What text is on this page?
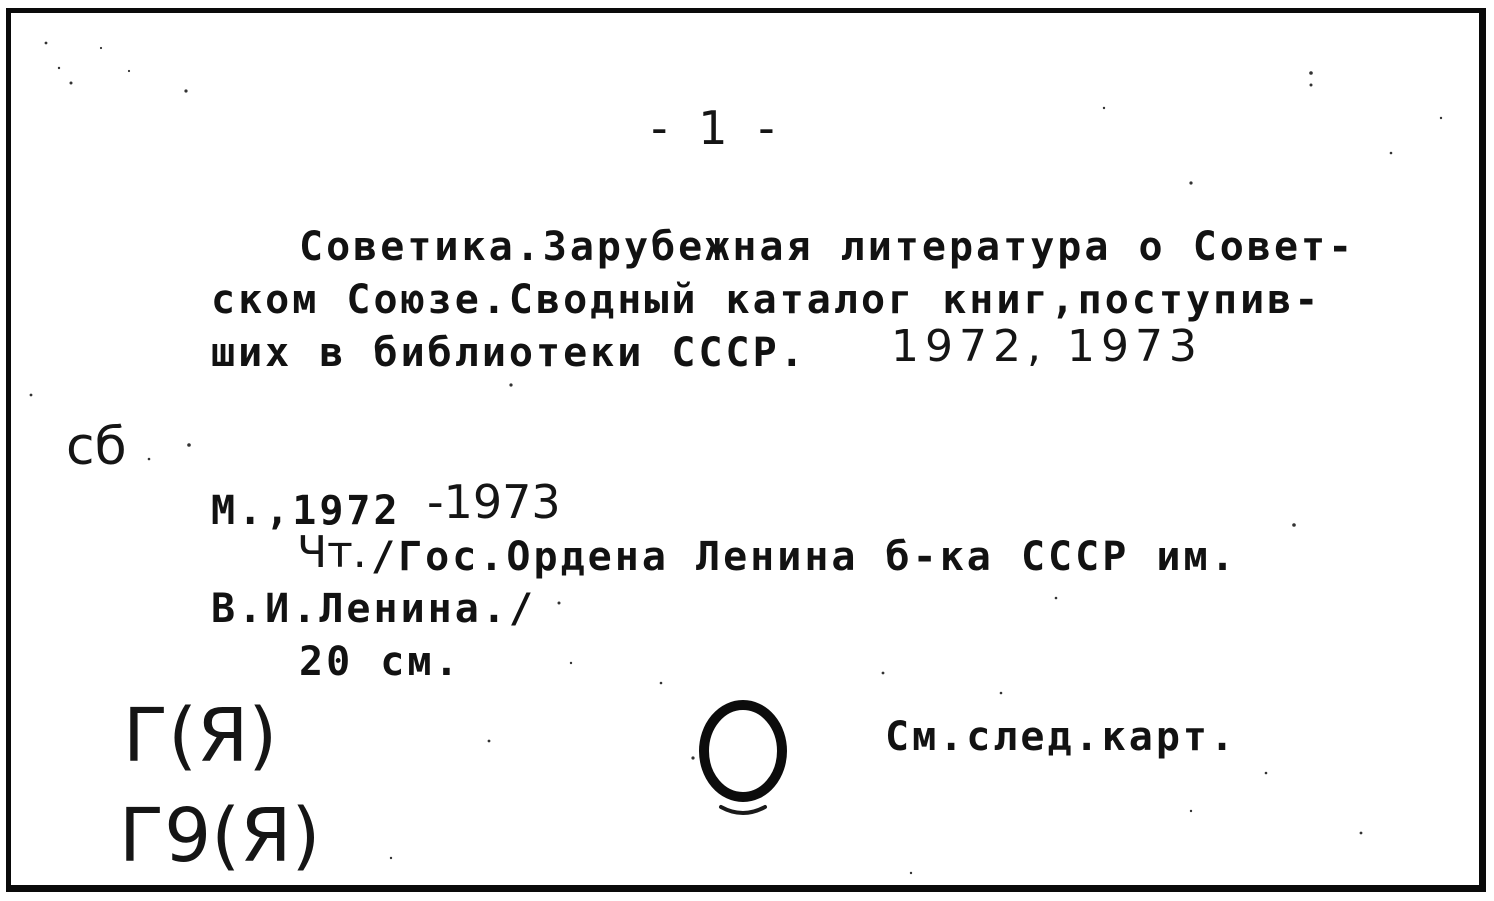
- 1 -
Советика.Зарубежная литература о Совет-
ском Союзе.Сводный каталог книг,поступив-
ших в библиотеки СССР. 1972, 1973
сб
М.,1972 -1973
Чт. /Гос.Ордена Ленина б-ка СССР им.
В.И.Ленина./
20 см.
Г(Я)
Г9(Я)
См.след.карт.
